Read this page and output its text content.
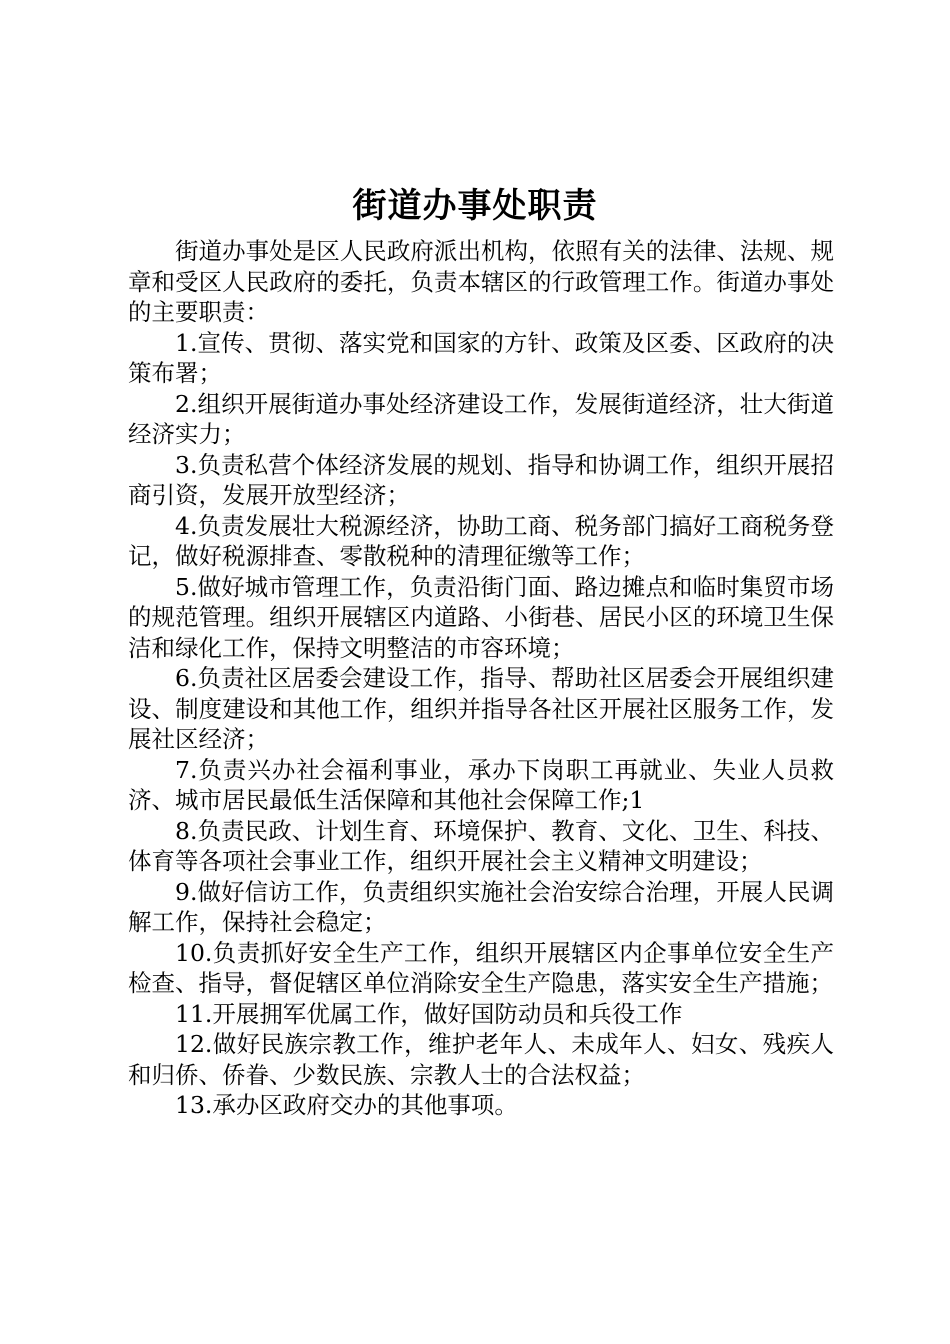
街道办事处职责

街道办事处是区人民政府派出机构，依照有关的法律、法规、规章和受区人民政府的委托，负责本辖区的行政管理工作。街道办事处的主要职责：

1.宣传、贯彻、落实党和国家的方针、政策及区委、区政府的决策布署；

2.组织开展街道办事处经济建设工作，发展街道经济，壮大街道经济实力；

3.负责私营个体经济发展的规划、指导和协调工作，组织开展招商引资，发展开放型经济；

4.负责发展壮大税源经济，协助工商、税务部门搞好工商税务登记，做好税源排查、零散税种的清理征缴等工作；

5.做好城市管理工作，负责沿街门面、路边摊点和临时集贸市场的规范管理。组织开展辖区内道路、小街巷、居民小区的环境卫生保洁和绿化工作，保持文明整洁的市容环境；

6.负责社区居委会建设工作，指导、帮助社区居委会开展组织建设、制度建设和其他工作，组织并指导各社区开展社区服务工作，发展社区经济；

7.负责兴办社会福利事业，承办下岗职工再就业、失业人员救济、城市居民最低生活保障和其他社会保障工作;1

8.负责民政、计划生育、环境保护、教育、文化、卫生、科技、体育等各项社会事业工作，组织开展社会主义精神文明建设；

9.做好信访工作，负责组织实施社会治安综合治理，开展人民调解工作，保持社会稳定；

10.负责抓好安全生产工作，组织开展辖区内企事单位安全生产检查、指导，督促辖区单位消除安全生产隐患，落实安全生产措施；

11.开展拥军优属工作，做好国防动员和兵役工作

12.做好民族宗教工作，维护老年人、未成年人、妇女、残疾人和归侨、侨眷、少数民族、宗教人士的合法权益；

13.承办区政府交办的其他事项。
